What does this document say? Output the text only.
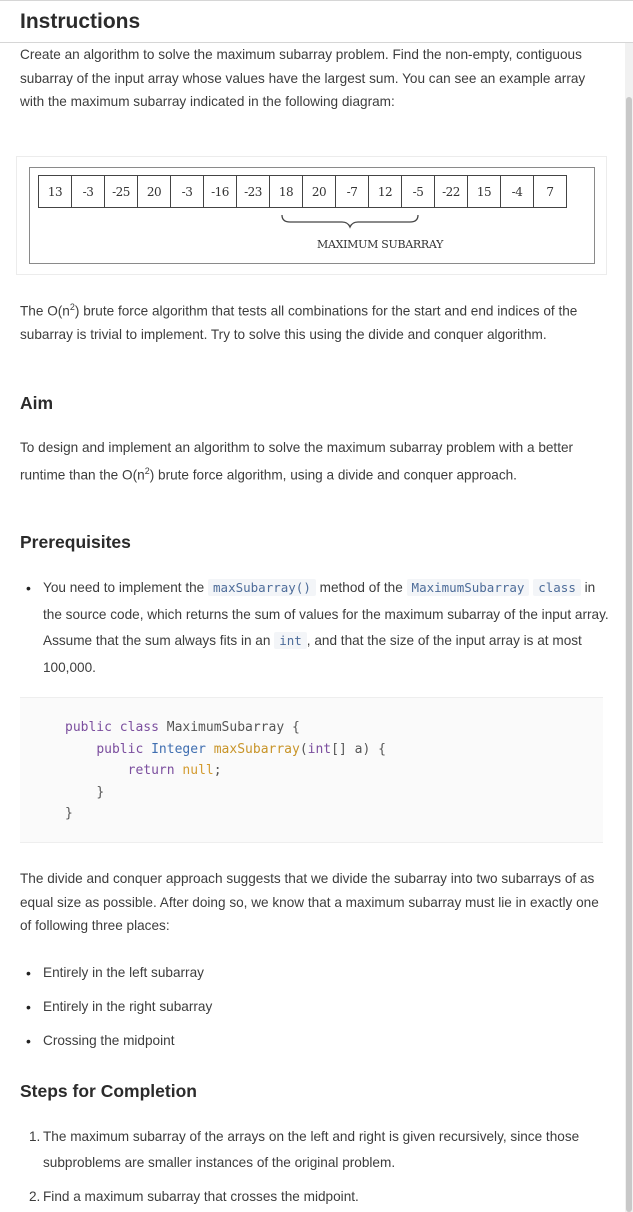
Instructions

Create an algorithm to solve the maximum subarray problem. Find the non-empty, contiguous subarray of the input array whose values have the largest sum. You can see an example array with the maximum subarray indicated in the following diagram:

13	-3	-25	20	-3	-16	-23	18	20	-7	12	-5	-22	15	-4	7
MAXIMUM SUBARRAY

The $O(n^2)$ brute force algorithm that tests all combinations for the start and end indices of the subarray is trivial to implement. Try to solve this using the divide and conquer algorithm.

Aim

To design and implement an algorithm to solve the maximum subarray problem with a better runtime than the $O(n^2)$ brute force algorithm, using a divide and conquer approach.

Prerequisites
• You need to implement the maxSubarray() method of the MaximumSubarray class in the source code, which returns the sum of values for the maximum subarray of the input array. Assume that the sum always fits in an int , and that the size of the input array is at most 100,000.
public class MaximumSubarray {
public Integer maxSubarray(int[] a) {
return null;
}
}

The divide and conquer approach suggests that we divide the subarray into two subarrays of as equal size as possible. After doing so, we know that a maximum subarray must lie in exactly one of following three places:

• Entirely in the left subarray
• Entirely in the right subarray
• Crossing the midpoint
Steps for Completion
1. The maximum subarray of the arrays on the left and right is given recursively, since those subproblems are smaller instances of the original problem.
2. Find a maximum subarray that crosses the midpoint.
